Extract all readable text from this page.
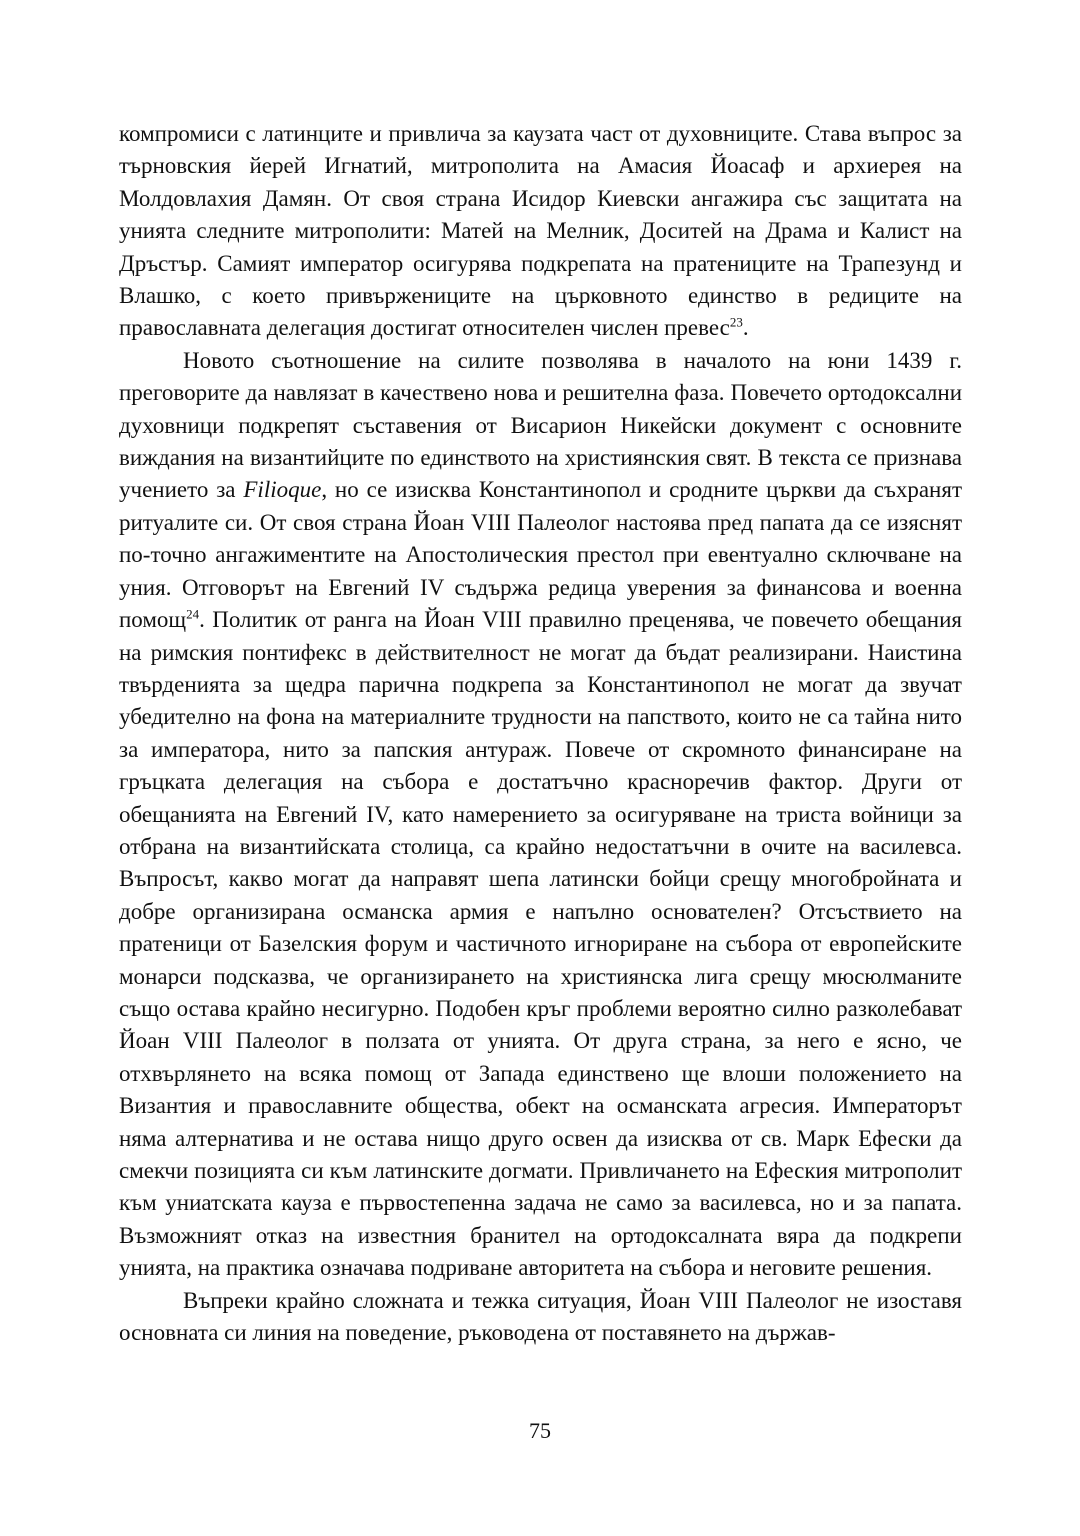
компромиси с латинците и привлича за каузата част от духовниците. Става въпрос за търновския йерей Игнатий, митрополита на Амасия Йоасаф и архиерея на Молдовлахия Дамян. От своя страна Исидор Киевски ангажира със защитата на унията следните митрополити: Матей на Мелник, Доситей на Драма и Калист на Дръстър. Самият император осигурява подкрепата на пратениците на Трапезунд и Влашко, с което привържениците на църковното единство в редиците на православната делегация достигат относителен числен превес$^{23}$.

Новото съотношение на силите позволява в началото на юни 1439 г. преговорите да навлязат в качествено нова и решителна фаза. Повечето ортодоксални духовници подкрепят съставения от Висарион Никейски документ с основните виждания на византийците по единството на християнския свят. В текста се признава учението за Filioque, но се изисква Константинопол и сродните църкви да съхранят ритуалите си. От своя страна Йоан VIII Палеолог настоява пред папата да се изяснят по-точно ангажиментите на Апостолическия престол при евентуално сключване на уния. Отговорът на Евгений IV съдържа редица уверения за финансова и военна помощ$^{24}$. Политик от ранга на Йоан VIII правилно преценява, че повечето обещания на римския понтифекс в действителност не могат да бъдат реализирани. Наистина твърденията за щедра парична подкрепа за Константинопол не могат да звучат убедително на фона на материалните трудности на папството, които не са тайна нито за императора, нито за папския антураж. Повече от скромното финансиране на гръцката делегация на събора е достатъчно красноречив фактор. Други от обещанията на Евгений IV, като намерението за осигуряване на триста войници за отбрана на византийската столица, са крайно недостатъчни в очите на василевса. Въпросът, какво могат да направят шепа латински бойци срещу многобройната и добре организирана османска армия е напълно основателен? Отсъствието на пратеници от Базелския форум и частичното игнориране на събора от европейските монарси подсказва, че организирането на християнска лига срещу мюсюлманите също остава крайно несигурно. Подобен кръг проблеми вероятно силно разколебават Йоан VIII Палеолог в ползата от унията. От друга страна, за него е ясно, че отхвърлянето на всяка помощ от Запада единствено ще влоши положението на Византия и православните общества, обект на османската агресия. Императорът няма алтернатива и не остава нищо друго освен да изисква от св. Марк Ефески да смекчи позицията си към латинските догмати. Привличането на Ефеския митрополит към униатската кауза е първостепенна задача не само за василевса, но и за папата. Възможният отказ на известния бранител на ортодоксалната вяра да подкрепи унията, на практика означава подриване авторитета на събора и неговите решения.

Въпреки крайно сложната и тежка ситуация, Йоан VIII Палеолог не изоставя основната си линия на поведение, ръководена от поставянето на държав-

75
